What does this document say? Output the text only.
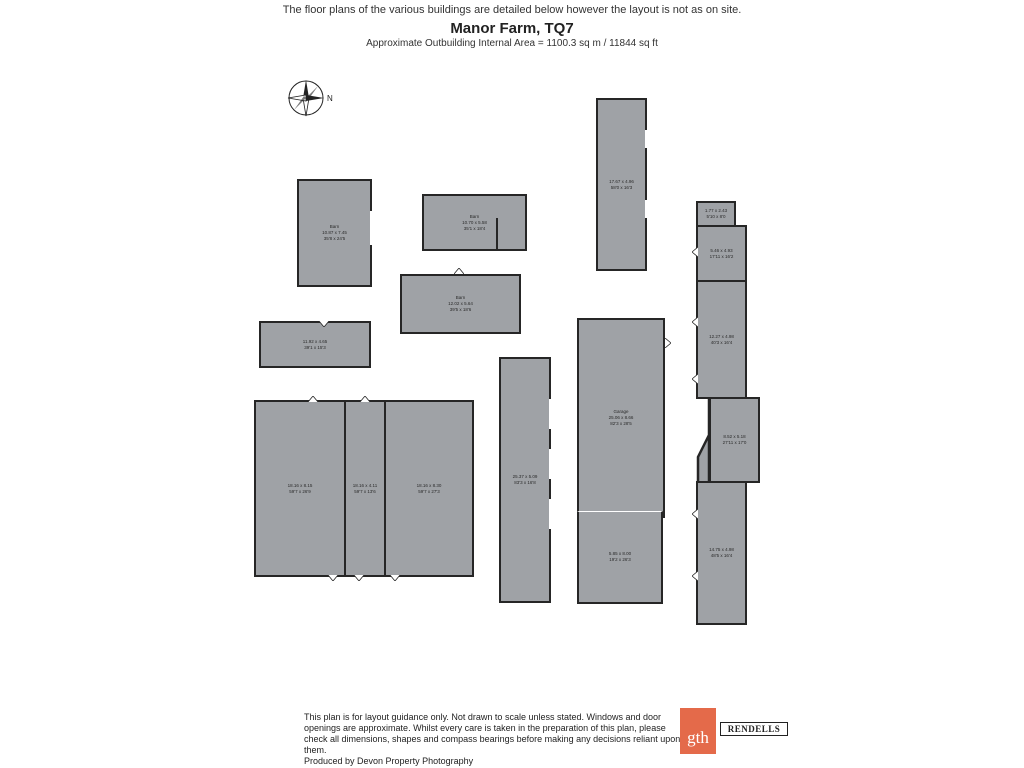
The floor plans of the various buildings are detailed below however the layout is not as on site.
Manor Farm, TQ7
Approximate Outbuilding Internal Area = 1100.3 sq m / 11844 sq ft
N
Barn
10.87 x 7.45
35'8 x 24'5
Barn
10.70 x 5.58
35'1 x 18'4
Barn
12.02 x 5.64
39'5 x 18'6
11.92 x 4.65
39'1 x 15'3
18.16 x 8.15
59'7 x 26'9
18.16 x 4.11
59'7 x 13'6
18.16 x 8.30
59'7 x 27'3
25.37 x 5.09
83'3 x 16'8
17.67 x 4.96
58'0 x 16'3
Garage
25.06 x 8.66
82'3 x 28'5
5.85 x 8.00
19'2 x 26'3
1.77 x 2.43
5'10 x 8'0
5.46 x 4.93
17'11 x 16'2
12.27 x 4.98
40'3 x 16'4
8.52 x 5.18
27'11 x 17'0
14.75 x 4.98
48'5 x 16'4

This plan is for layout guidance only. Not drawn to scale unless stated. Windows and door openings are approximate. Whilst every care is taken in the preparation of this plan, please check all dimensions, shapes and compass bearings before making any decisions reliant upon them.

Produced by Devon Property Photography

gth	RENDELLS
